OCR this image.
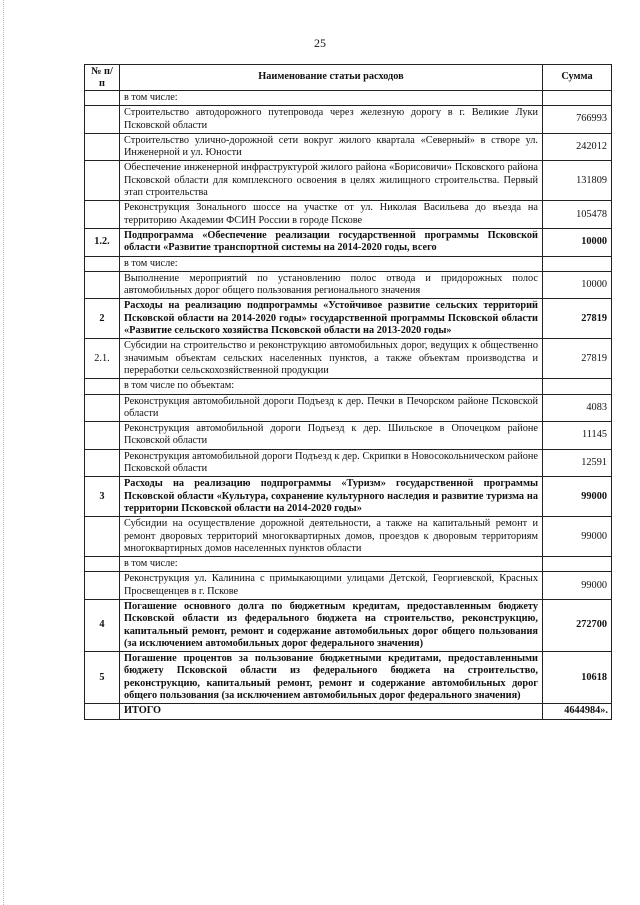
25
№ п/п	Наименование статьи расходов	Сумма
	в том числе:	
	Строительство автодорожного путепровода через железную дорогу в г. Великие Луки Псковской области	766993
	Строительство улично-дорожной сети вокруг жилого квартала «Северный» в створе ул. Инженерной и ул. Юности	242012
	Обеспечение инженерной инфраструктурой жилого района «Борисовичи» Псковского района Псковской области для комплексного освоения в целях жилищного строительства. Первый этап строительства	131809
	Реконструкция Зонального шоссе на участке от ул. Николая Васильева до въезда на территорию Академии ФСИН России в городе Пскове	105478
1.2.	Подпрограмма «Обеспечение реализации государственной программы Псковской области «Развитие транспортной системы на 2014-2020 годы, всего	10000
	в том числе:	
	Выполнение мероприятий по установлению полос отвода и придорожных полос автомобильных дорог общего пользования регионального значения	10000
2	Расходы на реализацию подпрограммы «Устойчивое развитие сельских территорий Псковской области на 2014-2020 годы» государственной программы Псковской области «Развитие сельского хозяйства Псковской области на 2013-2020 годы»	27819
2.1.	Субсидии на строительство и реконструкцию автомобильных дорог, ведущих к общественно значимым объектам сельских населенных пунктов, а также объектам производства и переработки сельскохозяйственной продукции	27819
	в том числе по объектам:	
	Реконструкция автомобильной дороги Подъезд к дер. Печки в Печорском районе Псковской области	4083
	Реконструкция автомобильной дороги Подъезд к дер. Шильское в Опочецком районе Псковской области	11145
	Реконструкция автомобильной дороги Подъезд к дер. Скрипки в Новосокольническом районе Псковской области	12591
3	Расходы на реализацию подпрограммы «Туризм» государственной программы Псковской области «Культура, сохранение культурного наследия и развитие туризма на территории Псковской области на 2014-2020 годы»	99000
	Субсидии на осуществление дорожной деятельности, а также на капитальный ремонт и ремонт дворовых территорий многоквартирных домов, проездов к дворовым территориям многоквартирных домов населенных пунктов области	99000
	в том числе:	
	Реконструкция ул. Калинина с примыкающими улицами Детской, Георгиевской, Красных Просвещенцев в г. Пскове	99000
4	Погашение основного долга по бюджетным кредитам, предоставленным бюджету Псковской области из федерального бюджета на строительство, реконструкцию, капитальный ремонт, ремонт и содержание автомобильных дорог общего пользования (за исключением автомобильных дорог федерального значения)	272700
5	Погашение процентов за пользование бюджетными кредитами, предоставленными бюджету Псковской области из федерального бюджета на строительство, реконструкцию, капитальный ремонт, ремонт и содержание автомобильных дорог общего пользования (за исключением автомобильных дорог федерального значения)	10618
	ИТОГО	4644984».
